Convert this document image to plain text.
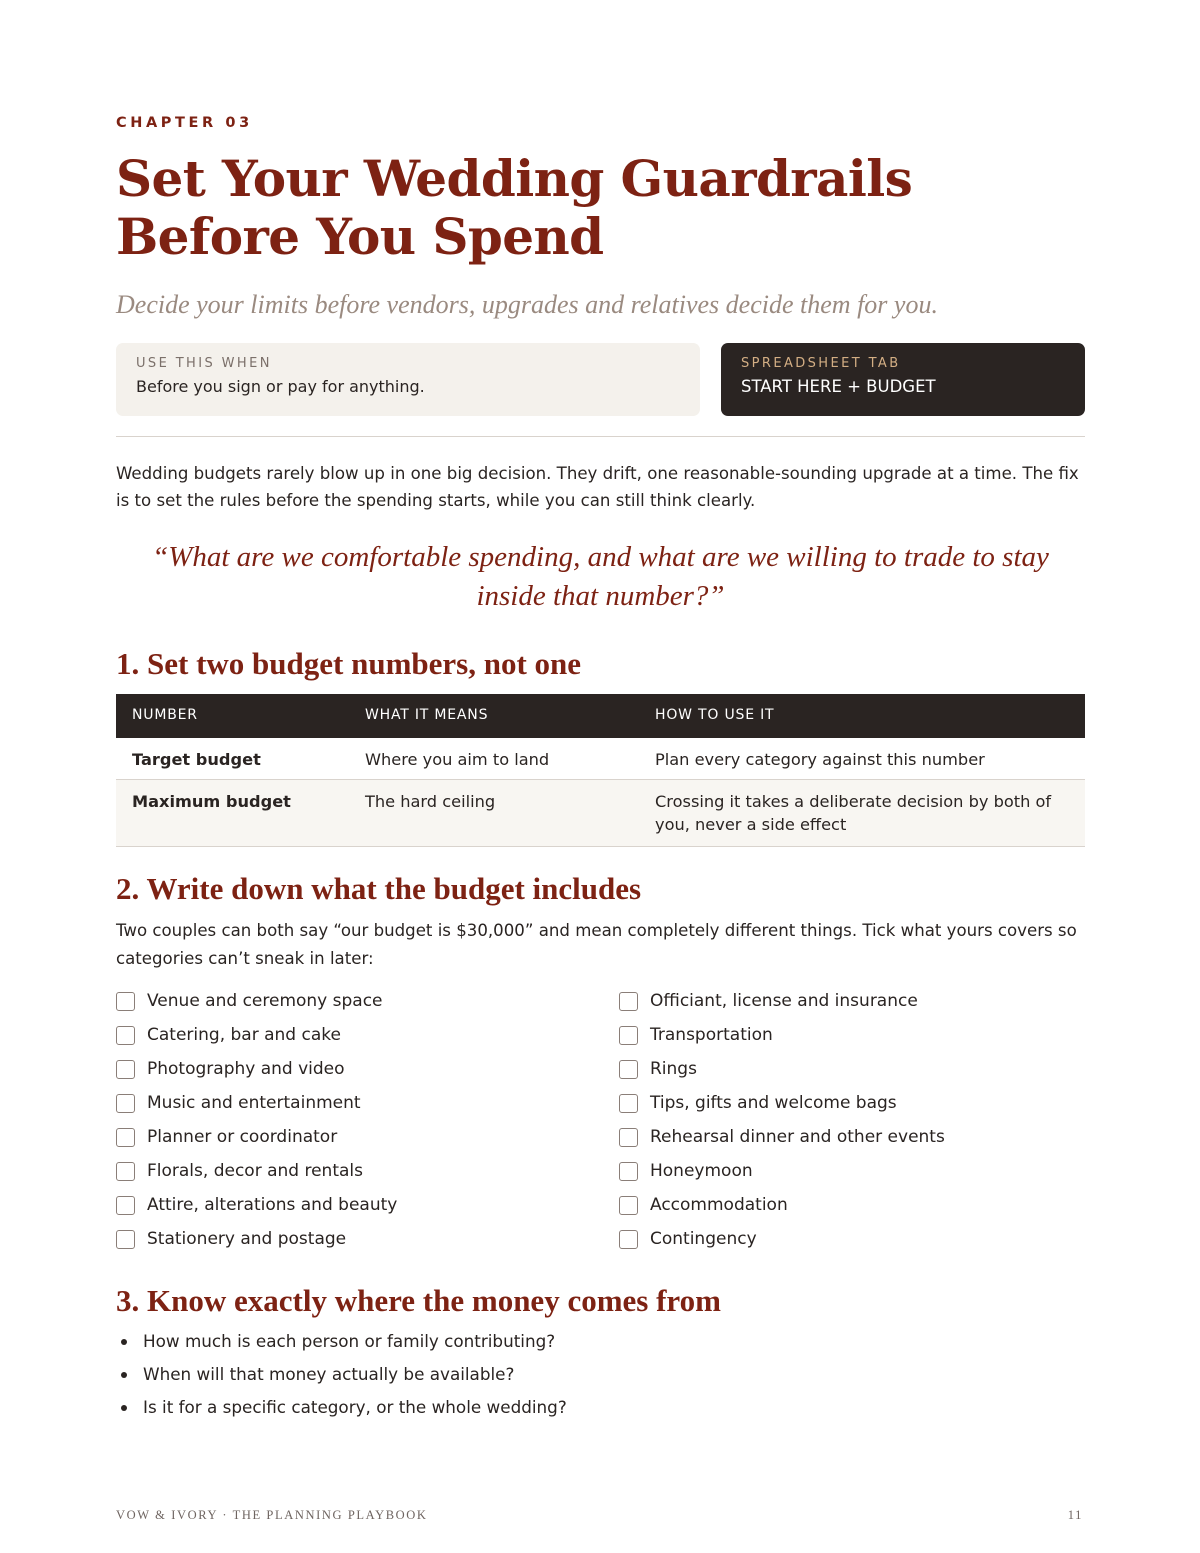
CHAPTER 03
Set Your Wedding Guardrails Before You Spend
Decide your limits before vendors, upgrades and relatives decide them for you.
USE THIS WHEN
Before you sign or pay for anything.
SPREADSHEET TAB
START HERE + BUDGET

Wedding budgets rarely blow up in one big decision. They drift, one reasonable-sounding upgrade at a time. The fix is to set the rules before the spending starts, while you can still think clearly.

“What are we comfortable spending, and what are we willing to trade to stay inside that number?”
1. Set two budget numbers, not one
NUMBER	WHAT IT MEANS	HOW TO USE IT
Target budget	Where you aim to land	Plan every category against this number
Maximum budget	The hard ceiling	Crossing it takes a deliberate decision by both of you, never a side effect
2. Write down what the budget includes

Two couples can both say “our budget is $30,000” and mean completely different things. Tick what yours covers so categories can’t sneak in later:

Venue and ceremony space
Catering, bar and cake
Photography and video
Music and entertainment
Planner or coordinator
Florals, decor and rentals
Attire, alterations and beauty
Stationery and postage
Officiant, license and insurance
Transportation
Rings
Tips, gifts and welcome bags
Rehearsal dinner and other events
Honeymoon
Accommodation
Contingency
3. Know exactly where the money comes from
How much is each person or family contributing?
When will that money actually be available?
Is it for a specific category, or the whole wedding?
VOW & IVORY · THE PLANNING PLAYBOOK	11
